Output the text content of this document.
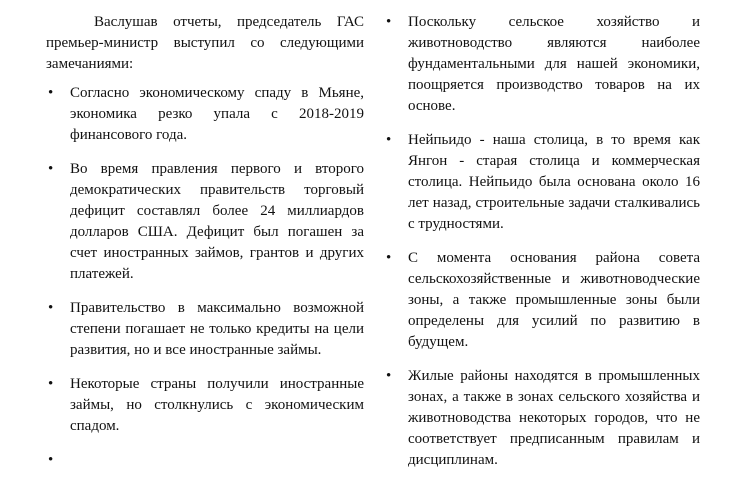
Васлушав отчеты, председатель ГАС премьер-министр выступил со следующими замечаниями:

• Согласно экономическому спаду в Мьяне, экономика резко упала с 2018-2019 финансового года.
• Во время правления первого и второго демократических правительств торговый дефицит составлял более 24 миллиардов долларов США. Дефицит был погашен за счет иностранных займов, грантов и других платежей.
• Правительство в максимально возможной степени погашает не только кредиты на цели развития, но и все иностранные займы.
• Некоторые страны получили иностранные займы, но столкнулись с экономическим спадом.
•
• Поскольку сельское хозяйство и животноводство являются наиболее фундаментальными для нашей экономики, поощряется производство товаров на их основе.
• Нейпьидо - наша столица, в то время как Янгон - старая столица и коммерческая столица. Нейпьидо была основана около 16 лет назад, строительные задачи сталкивались с трудностями.
• С момента основания района совета сельскохозяйственные и животноводческие зоны, а также промышленные зоны были определены для усилий по развитию в будущем.
• Жилые районы находятся в промышленных зонах, а также в зонах сельского хозяйства и животноводства некоторых городов, что не соответствует предписанным правилам и дисциплинам.
